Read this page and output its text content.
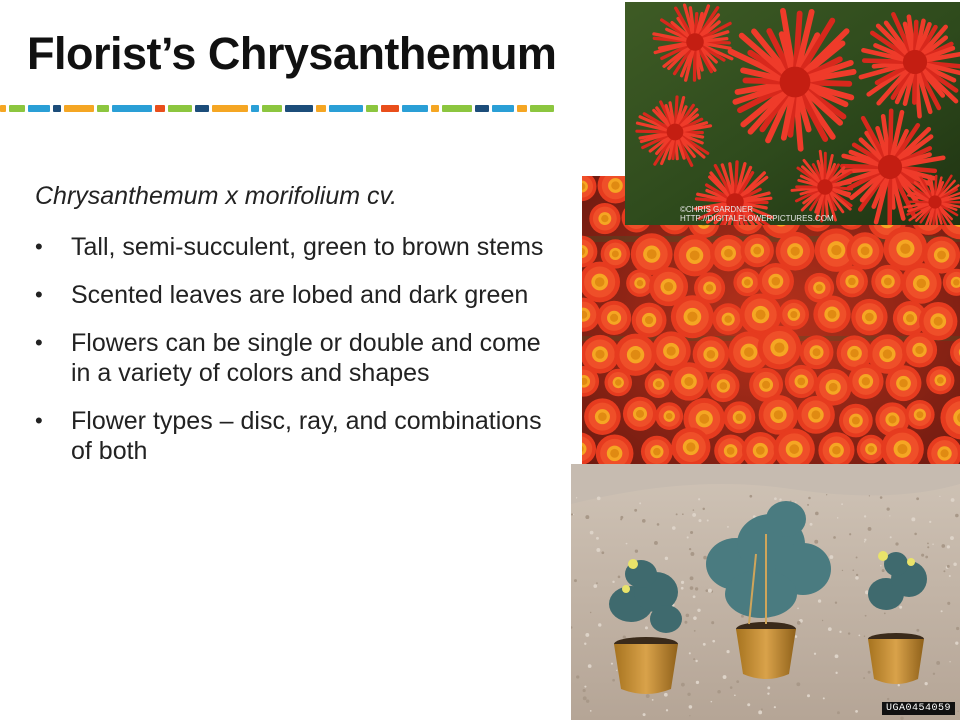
Florist’s Chrysanthemum
Chrysanthemum x morifolium cv.
• Tall, semi-succulent, green to brown stems
• Scented leaves are lobed and dark green
• Flowers can be single or double and come in a variety of colors and shapes
• Flower types – disc, ray, and combinations of both
©CHRIS GARDNER
HTTP://DIGITALFLOWERPICTURES.COM
UGA0454059
